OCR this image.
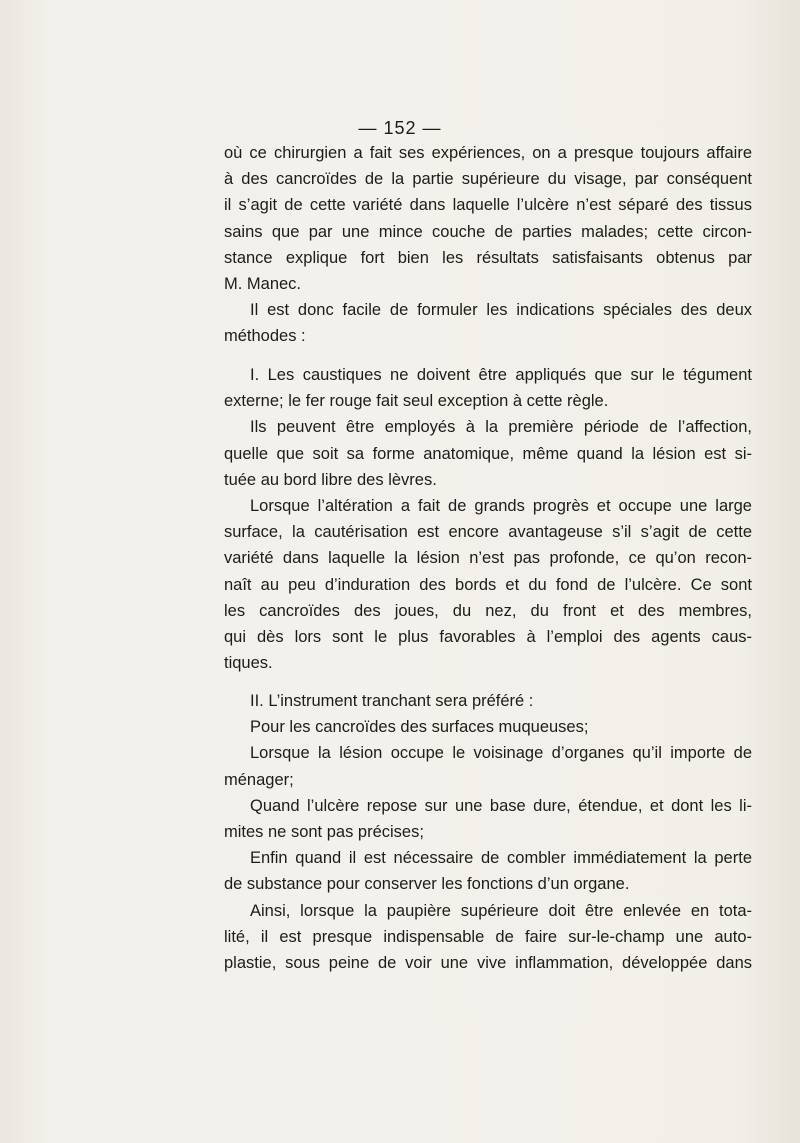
— 152 —
où ce chirurgien a fait ses expériences, on a presque toujours affaire
à des cancroïdes de la partie supérieure du visage, par conséquent
il s’agit de cette variété dans laquelle l’ulcère n’est séparé des tissus
sains que par une mince couche de parties malades; cette circon-
stance explique fort bien les résultats satisfaisants obtenus par
M. Manec.
Il est donc facile de formuler les indications spéciales des deux
méthodes :
I. Les caustiques ne doivent être appliqués que sur le tégument
externe; le fer rouge fait seul exception à cette règle.
Ils peuvent être employés à la première période de l’affection,
quelle que soit sa forme anatomique, même quand la lésion est si-
tuée au bord libre des lèvres.
Lorsque l’altération a fait de grands progrès et occupe une large
surface, la cautérisation est encore avantageuse s’il s’agit de cette
variété dans laquelle la lésion n’est pas profonde, ce qu’on recon-
naît au peu d’induration des bords et du fond de l’ulcère. Ce sont
les cancroïdes des joues, du nez, du front et des membres,
qui dès lors sont le plus favorables à l’emploi des agents caus-
tiques.
II. L’instrument tranchant sera préféré :
Pour les cancroïdes des surfaces muqueuses;
Lorsque la lésion occupe le voisinage d’organes qu’il importe de
ménager;
Quand l’ulcère repose sur une base dure, étendue, et dont les li-
mites ne sont pas précises;
Enfin quand il est nécessaire de combler immédiatement la perte
de substance pour conserver les fonctions d’un organe.
Ainsi, lorsque la paupière supérieure doit être enlevée en tota-
lité, il est presque indispensable de faire sur-le-champ une auto-
plastie, sous peine de voir une vive inflammation, développée dans
